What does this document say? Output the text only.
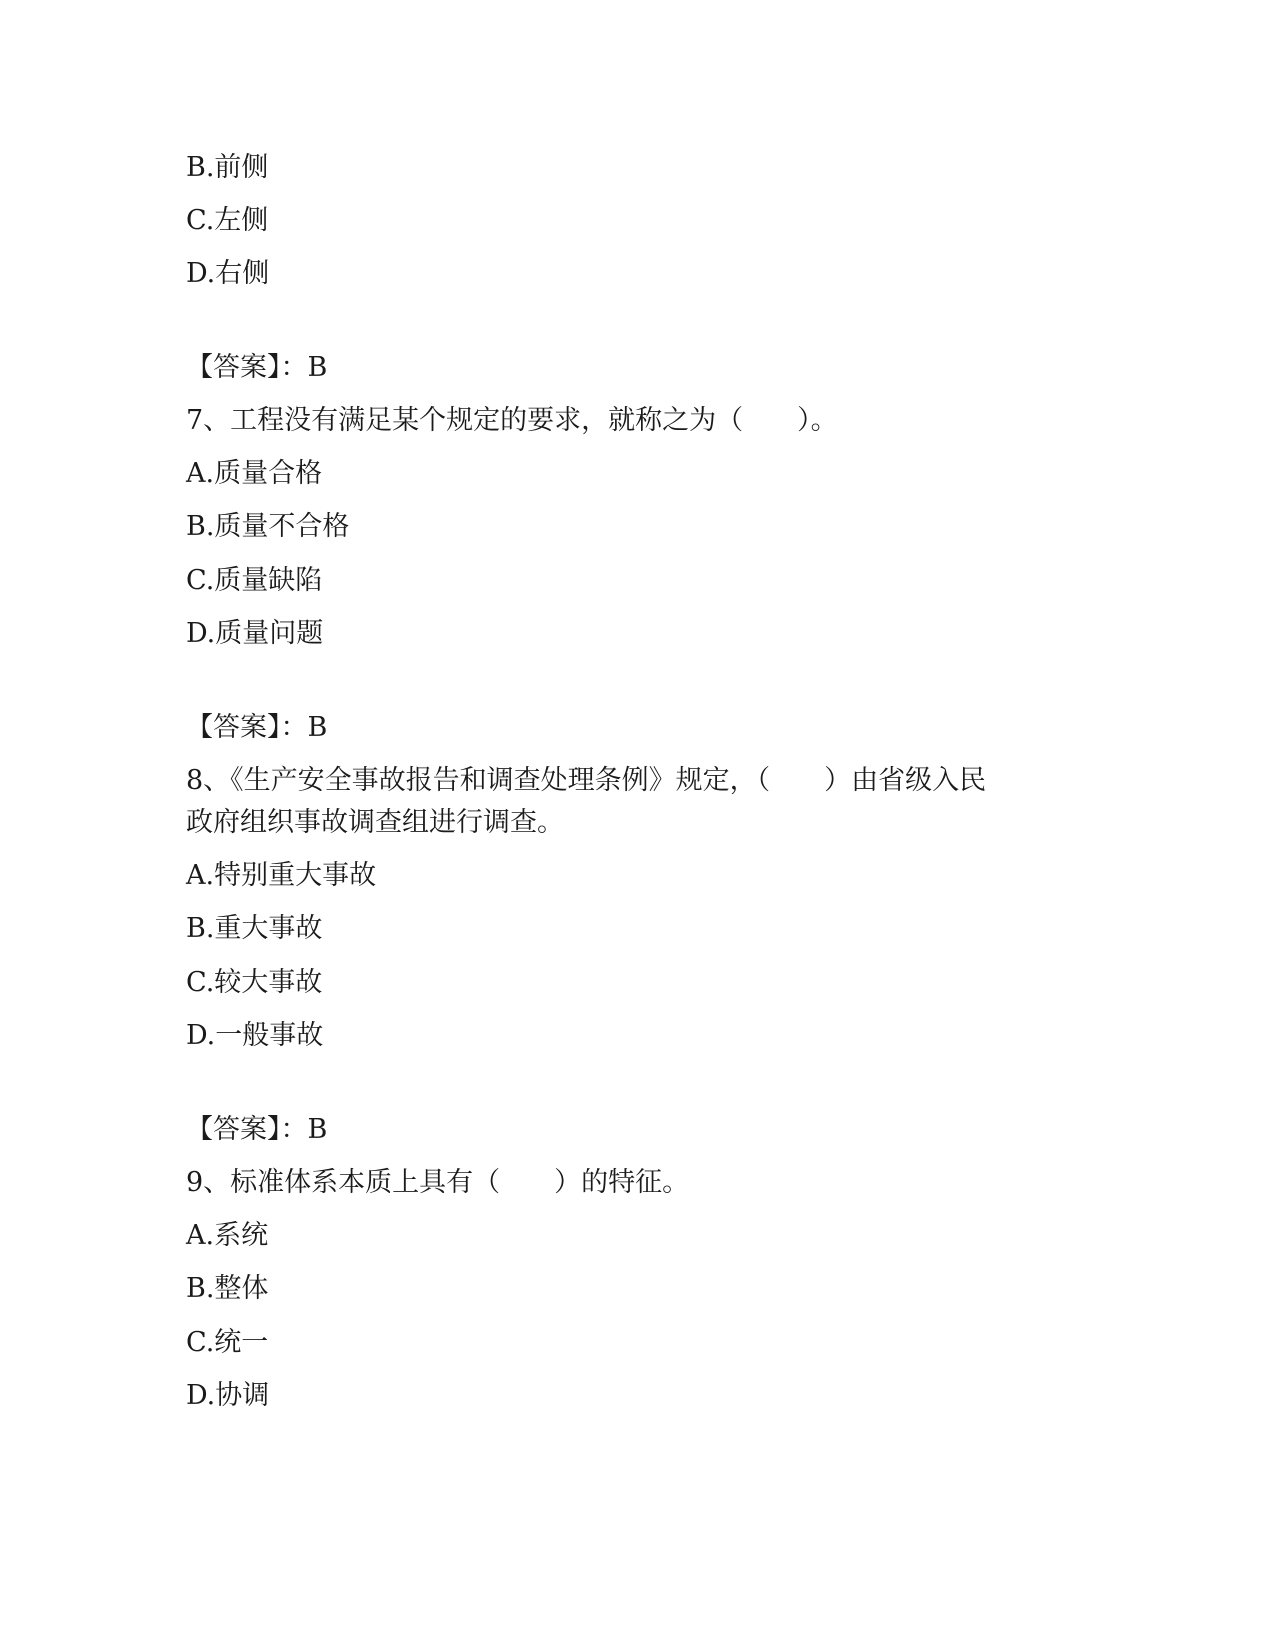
B.前侧
C.左侧
D.右侧
【答案】：B
7、工程没有满足某个规定的要求，就称之为（　　）。
A.质量合格
B.质量不合格
C.质量缺陷
D.质量问题
【答案】：B
8、《生产安全事故报告和调查处理条例》规定，（　　）由省级入民
政府组织事故调查组进行调查。
A.特别重大事故
B.重大事故
C.较大事故
D.一般事故
【答案】：B
9、标准体系本质上具有（　　）的特征。
A.系统
B.整体
C.统一
D.协调
